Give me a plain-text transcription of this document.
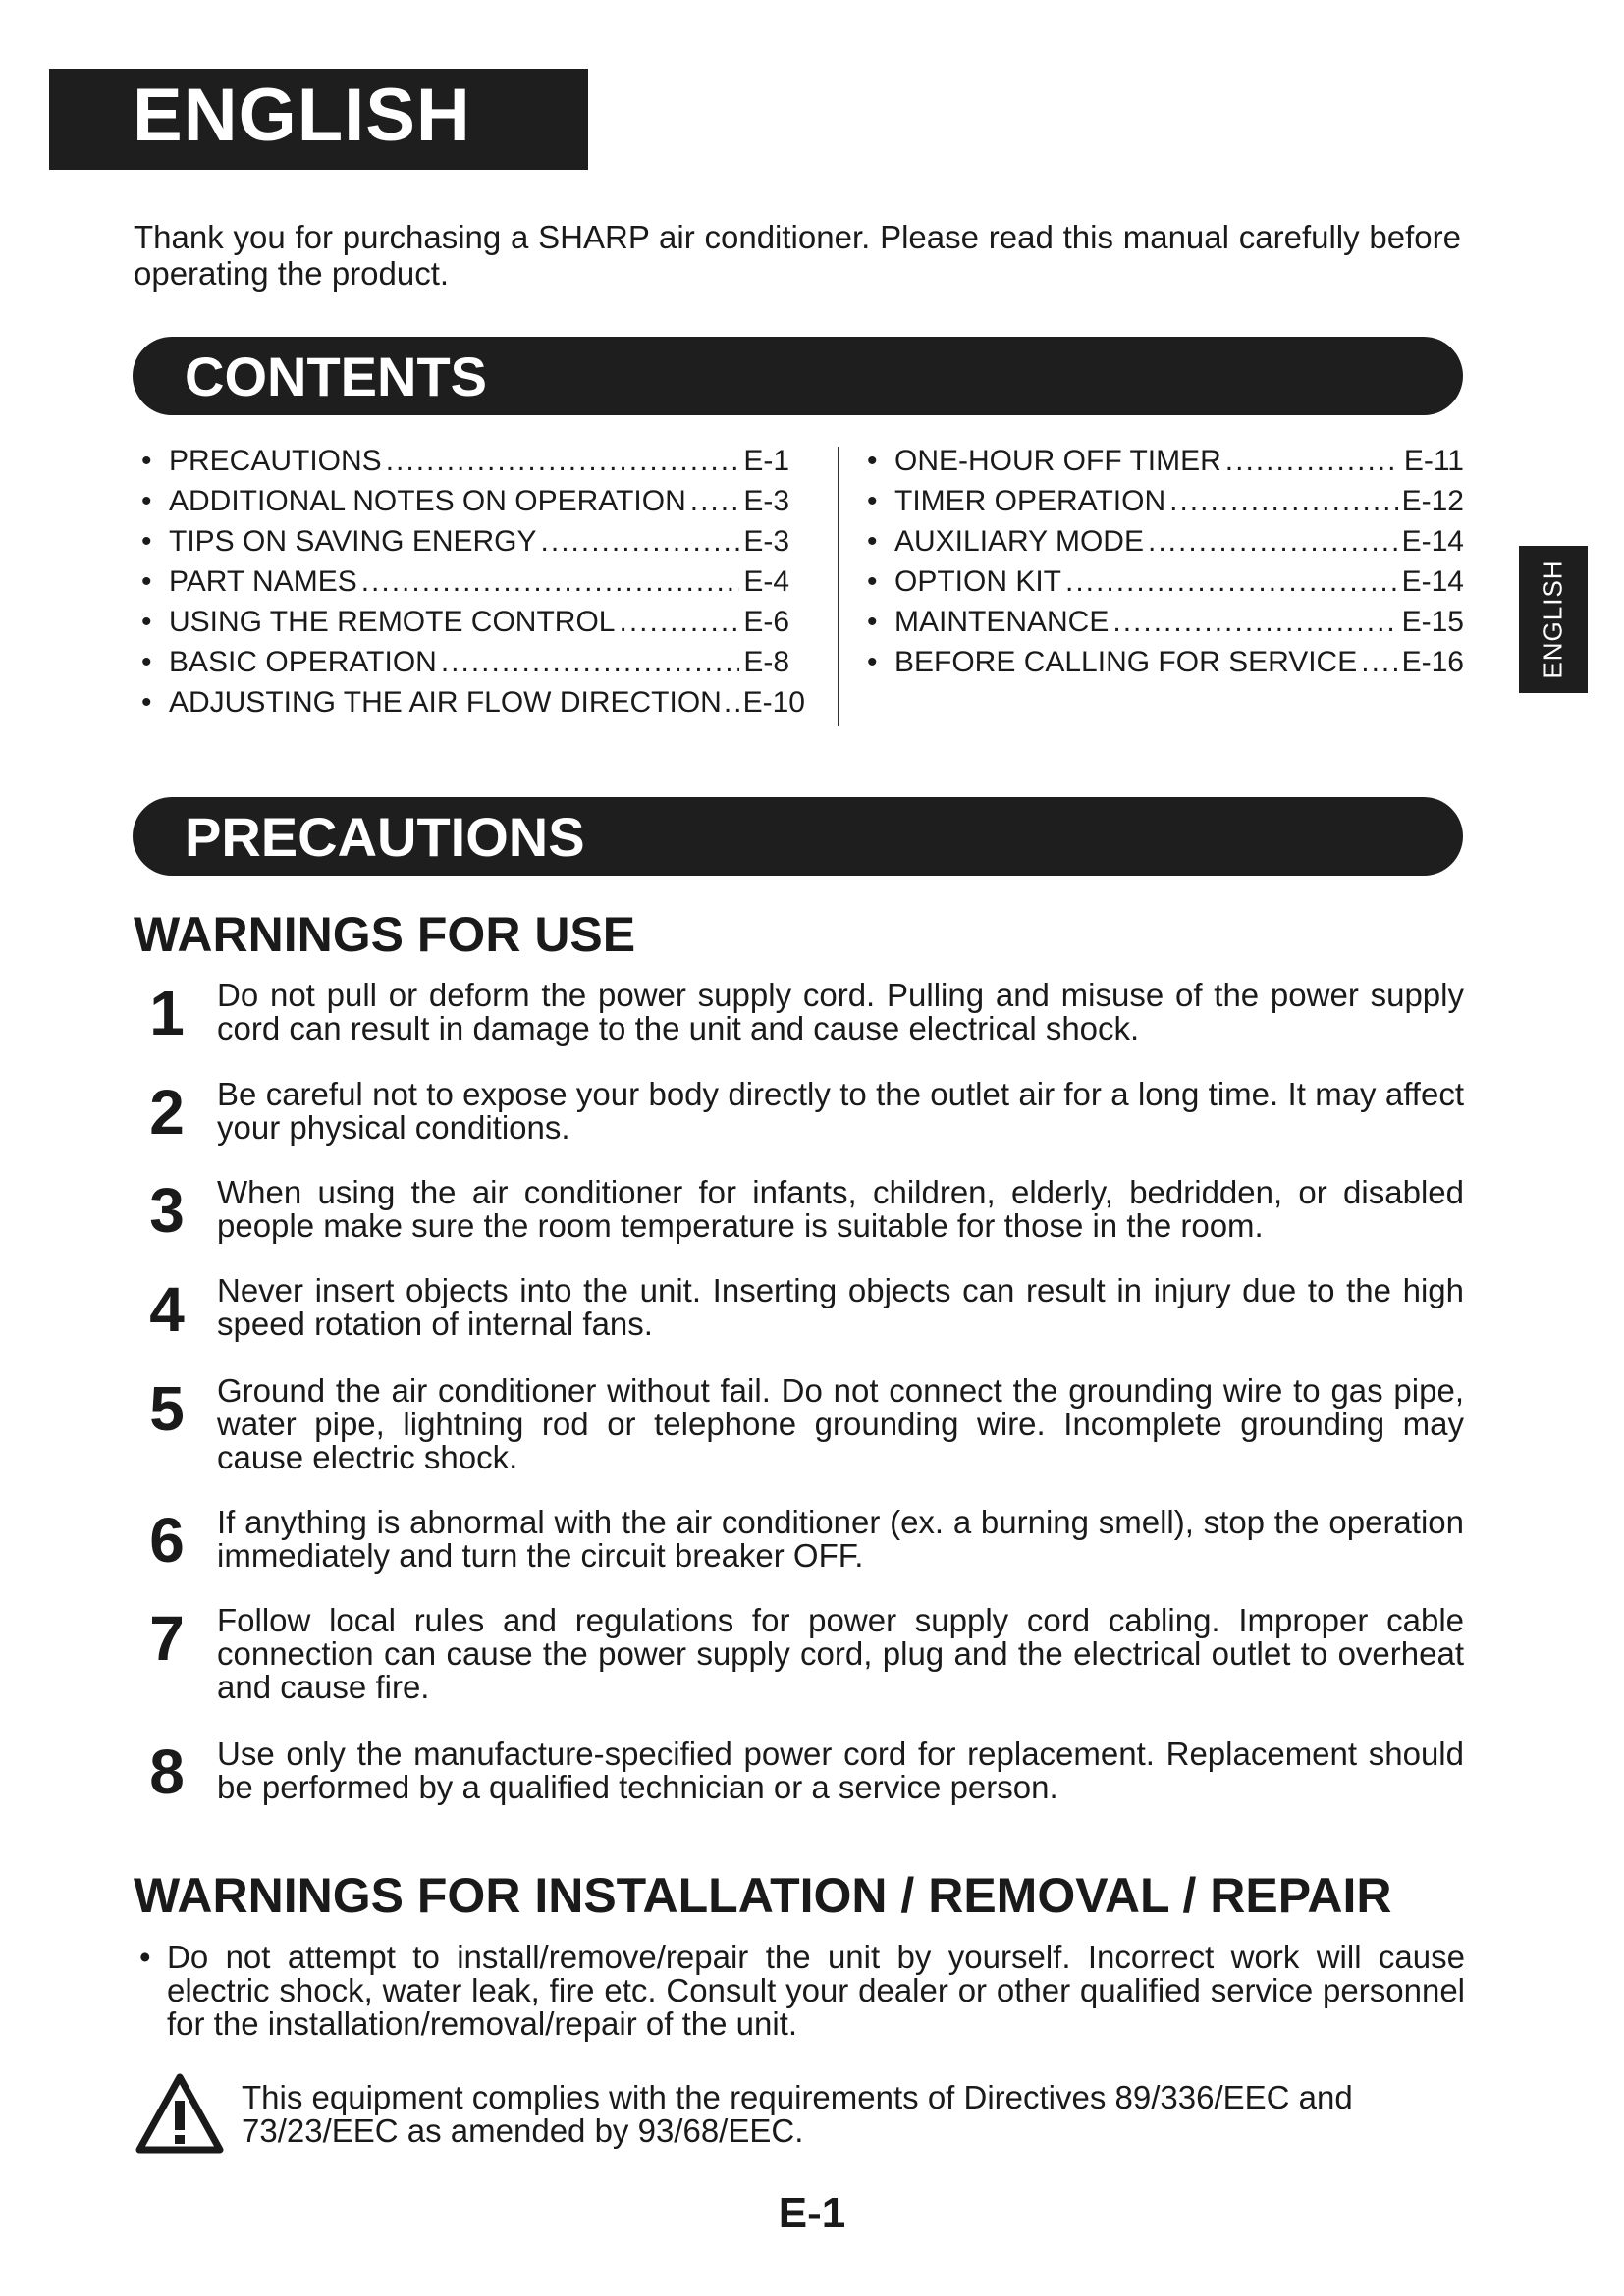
ENGLISH
Thank you for purchasing a SHARP air conditioner. Please read this manual carefully before operating the product.
CONTENTS
• PRECAUTIONS .....	E-1
• ADDITIONAL NOTES ON OPERATION ..... E-3
• TIPS ON SAVING ENERGY .....	E-3
• PART NAMES .....	E-4
• USING THE REMOTE CONTROL .....	E-6
• BASIC OPERATION .....	E-8
• ADJUSTING THE AIR FLOW DIRECTION ..... E-10
• ONE-HOUR OFF TIMER .....	E-11
• TIMER OPERATION .....	E-12
• AUXILIARY MODE .....	E-14
• OPTION KIT .....	E-14
• MAINTENANCE .....	E-15
• BEFORE CALLING FOR SERVICE ..... E-16	ENGLISH
PRECAUTIONS
WARNINGS FOR USE
1 Do not pull or deform the power supply cord. Pulling and misuse of the power supply cord can result in damage to the unit and cause electrical shock.
2 Be careful not to expose your body directly to the outlet air for a long time. It may affect your physical conditions.
3 When using the air conditioner for infants, children, elderly, bedridden, or disabled people make sure the room temperature is suitable for those in the room.
4 Never insert objects into the unit. Inserting objects can result in injury due to the high speed rotation of internal fans.
5 Ground the air conditioner without fail. Do not connect the grounding wire to gas pipe, water pipe, lightning rod or telephone grounding wire. Incomplete grounding may cause electric shock.
6 If anything is abnormal with the air conditioner (ex. a burning smell), stop the operation immediately and turn the circuit breaker OFF.
7 Follow local rules and regulations for power supply cord cabling. Improper cable connection can cause the power supply cord, plug and the electrical outlet to overheat and cause fire.
8 Use only the manufacture-specified power cord for replacement. Replacement should be performed by a qualified technician or a service person.
WARNINGS FOR INSTALLATION / REMOVAL / REPAIR
• Do not attempt to install/remove/repair the unit by yourself. Incorrect work will cause electric shock, water leak, fire etc. Consult your dealer or other qualified service personnel for the installation/removal/repair of the unit.
This equipment complies with the requirements of Directives 89/336/EEC and 73/23/EEC as amended by 93/68/EEC.
E-1
